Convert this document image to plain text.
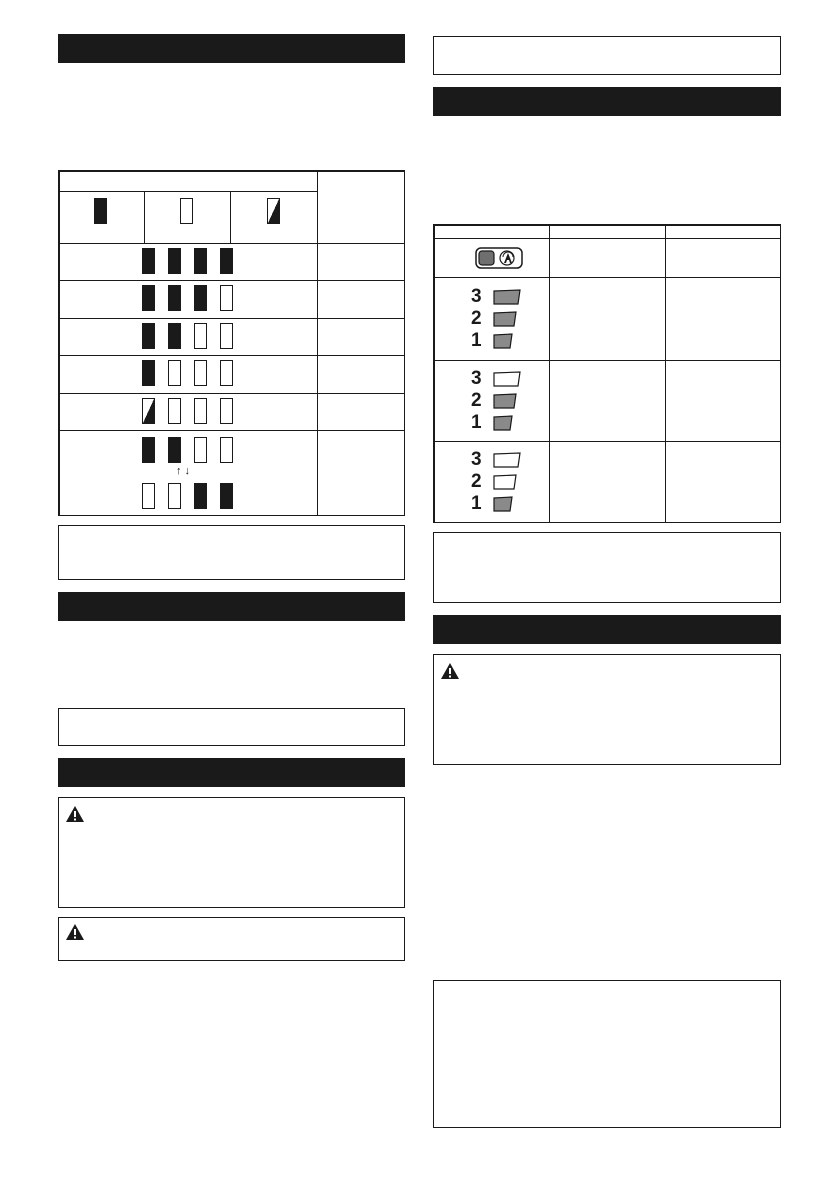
↑ ↓
3
2
1
3
2
1
3
2
1
